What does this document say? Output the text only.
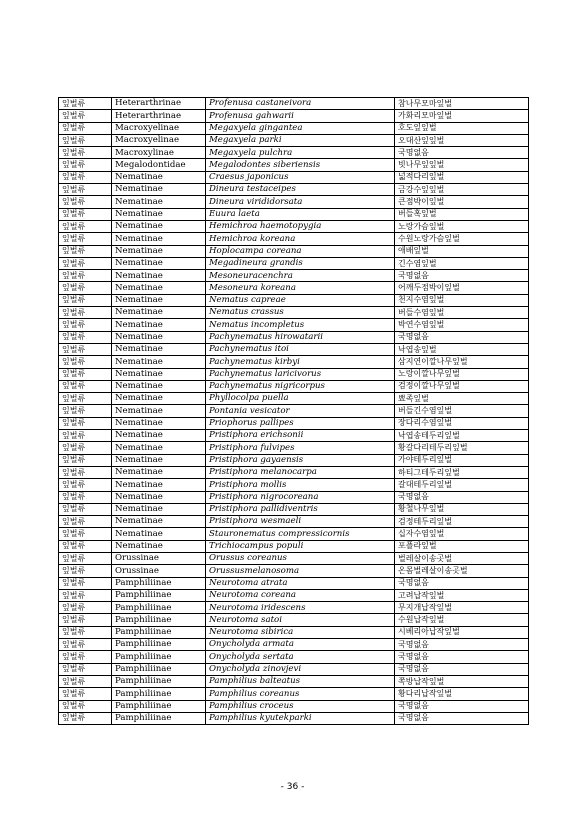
잎벌류	Heterarthrinae	Profenusa castaneivora	참나무모마잎벌
잎벌류	Heterarthrinae	Profenusa gahwarii	가화리모마잎벌
잎벌류	Macroxyelinae	Megaxyela gingantea	호도잎잎벌
잎벌류	Macroxyelinae	Megaxyela parki	오대산잎잎벌
잎벌류	Macroxylinae	Megaxyela pulchra	국명없음
잎벌류	Megalodontidae	Megalodontes siberiensis	빗나무잎잎벌
잎벌류	Nematinae	Craesus japonicus	넓적다리잎벌
잎벌류	Nematinae	Dineura testaceipes	금강수잎잎벌
잎벌류	Nematinae	Dineura virididorsata	큰점박이잎벌
잎벌류	Nematinae	Euura laeta	버들혹잎벌
잎벌류	Nematinae	Hemichroa haemotopygia	노랑가슴잎벌
잎벌류	Nematinae	Hemichroa koreana	수원노랑가슴잎벌
잎벌류	Nematinae	Hoplocampa coreana	애배잎벌
잎벌류	Nematinae	Megadineura grandis	긴수염잎벌
잎벌류	Nematinae	Mesoneuracenchra	국명없음
잎벌류	Nematinae	Mesoneura koreana	어깨두점박이잎벌
잎벌류	Nematinae	Nematus capreae	천지수염잎벌
잎벌류	Nematinae	Nematus crassus	버들수염잎벌
잎벌류	Nematinae	Nematus incompletus	박연수염잎벌
잎벌류	Nematinae	Pachynematus hirowatarii	국명없음
잎벌류	Nematinae	Pachynematus itoi	낙엽송잎벌
잎벌류	Nematinae	Pachynematus kirbyi	삼지연이깔나무잎벌
잎벌류	Nematinae	Pachynematus laricivorus	노랑이깔나무잎벌
잎벌류	Nematinae	Pachynematus nigricorpus	검정이깔나무잎벌
잎벌류	Nematinae	Phyllocolpa puella	뾰족잎벌
잎벌류	Nematinae	Pontania vesicator	버들긴수염잎벌
잎벌류	Nematinae	Priophorus pallipes	장다리수염잎벌
잎벌류	Nematinae	Pristiphora erichsonii	낙엽송테두리잎벌
잎벌류	Nematinae	Pristiphora fulvipes	황갈다리테두리잎벌
잎벌류	Nematinae	Pristiphora gayaensis	가야테두리잎벌
잎벌류	Nematinae	Pristiphora melanocarpa	하티그테두리잎벌
잎벌류	Nematinae	Pristiphora mollis	갈대테두리잎벌
잎벌류	Nematinae	Pristiphora nigrocoreana	국명없음
잎벌류	Nematinae	Pristiphora pallidiventris	황철나무잎벌
잎벌류	Nematinae	Pristiphora wesmaeli	검정테두리잎벌
잎벌류	Nematinae	Stauronematus compressicornis	십자수염잎벌
잎벌류	Nematinae	Trichiocampus populi	포플라잎벌
잎벌류	Orussinae	Orussus coreanus	벌레살이송곳벌
잎벌류	Orussinae	Orussusmelanosoma	온몸벌레살이송곳벌
잎벌류	Pamphiliinae	Neurotoma atrata	국명없음
잎벌류	Pamphiliinae	Neurotoma coreana	고려납작잎벌
잎벌류	Pamphiliinae	Neurotoma iridescens	무지개납작잎벌
잎벌류	Pamphiliinae	Neurotoma satoi	수원납작잎벌
잎벌류	Pamphiliinae	Neurotoma sibirica	시베리아납작잎벌
잎벌류	Pamphiliinae	Onycholyda armata	국명없음
잎벌류	Pamphiliinae	Onycholyda sertata	국명없음
잎벌류	Pamphiliinae	Onycholyda zinovjevi	국명없음
잎벌류	Pamphiliinae	Pamphilius balteatus	쪽방납작잎벌
잎벌류	Pamphiliinae	Pamphilius coreanus	황다리납작잎벌
잎벌류	Pamphiliinae	Pamphilius croceus	국명없음
잎벌류	Pamphiliinae	Pamphilius kyutekparki	국명없음
- 36 -
